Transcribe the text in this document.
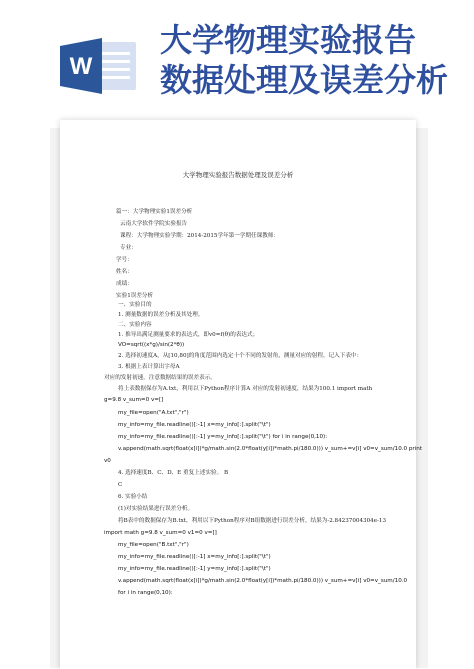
W
大学物理实验报告
数据处理及误差分析
大学物理实验报告数据处理及误差分析
篇一：大学物理实验1误差分析
云南大学软件学院实验报告
课程：大学物理实验学期：2014-2015学年第一学期任课教师：
专业：
学号：
姓名：
成绩：
实验1误差分析
一、实验目的
1. 测量数据的误差分析及其处理。
二、实验内容
1. 推导出满足测量要求的表达式，即v0=f(θ)的表达式；
VO=sqrt((x*g)/sin(2*θ))
2. 选择初速度A，从[10,80]的角度范围内选定十个不同的发射角，测量对应的射程，记入下表中：
3. 根据上表计算出字母A
对应的发射初速，注意数据结果的误差表示。
将上表数据保存为A.txt，利用以下Python程序计算A 对应的发射初速度，结果为100.1 import math
g=9.8 v_sum=0 v=[]
my_file=open("A.txt","r")
my_info=my_file.readline()[:-1] x=my_info[:].split("\t")
my_info=my_file.readline()[:-1] y=my_info[:].split("\t") for i in range(0,10):
v.append(math.sqrt(float(x[i])*g/math.sin(2.0*float(y[i])*math.pi/180.0))) v_sum+=v[i] v0=v_sum/10.0 print
v0
4. 选择速度B、C、D、E 重复上述实验。 B
C
6. 实验小结
(1)对实验结果进行误差分析。
将B表中的数据保存为B.txt，利用以下Python程序对B组数据进行误差分析，结果为-2.84237004304e-13
import math g=9.8 v_sum=0 v1=0 v=[]
my_file=open("B.txt","r")
my_info=my_file.readline()[:-1] x=my_info[:].split("\t")
my_info=my_file.readline()[:-1] y=my_info[:].split("\t")
v.append(math.sqrt(float(x[i])*g/math.sin(2.0*float(y[i])*math.pi/180.0))) v_sum+=v[i] v0=v_sum/10.0
for i in range(0,10):
